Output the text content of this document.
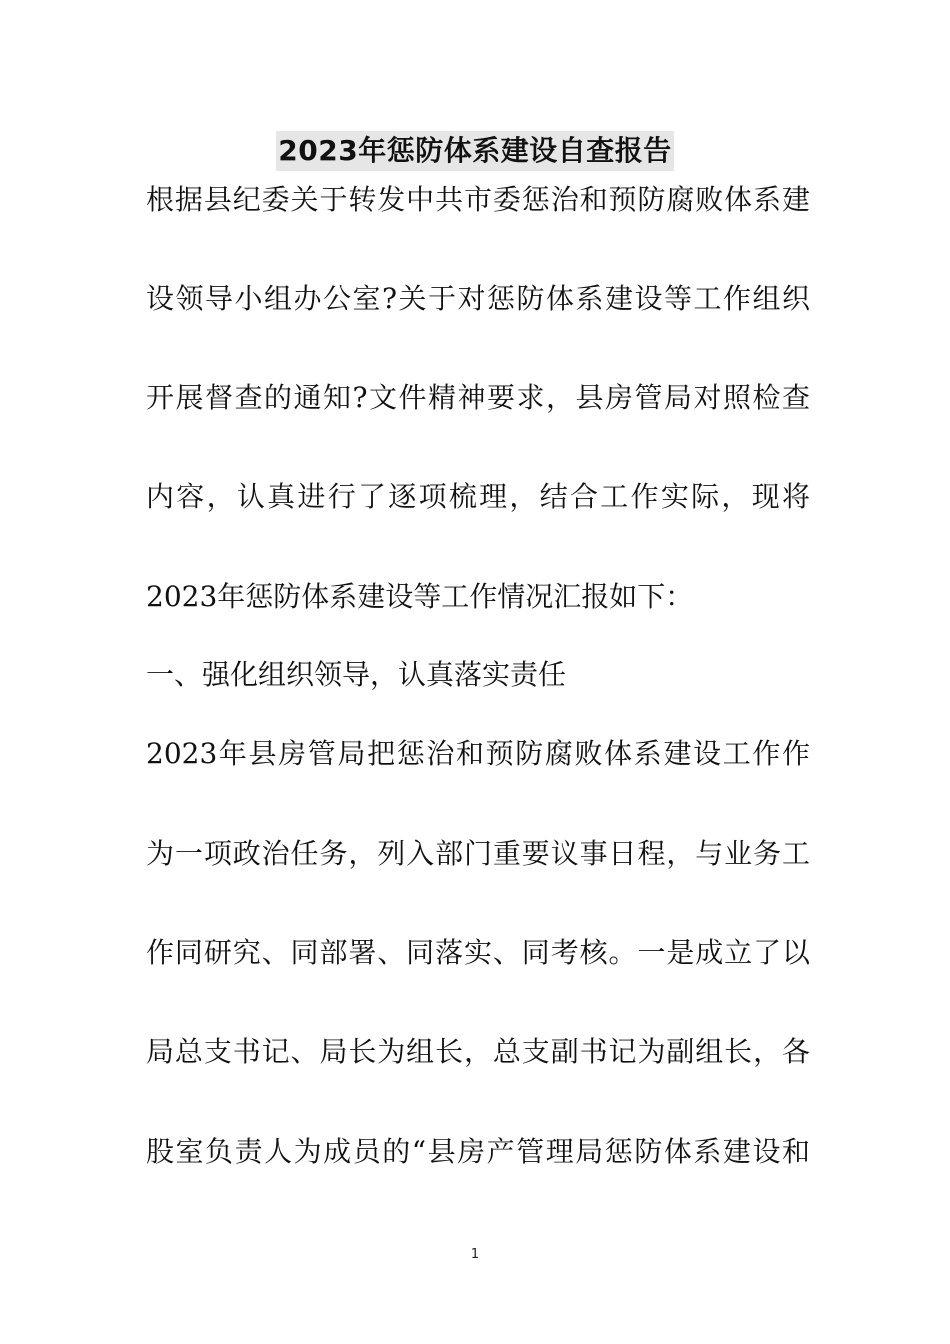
2023年惩防体系建设自查报告
根据县纪委关于转发中共市委惩治和预防腐败体系建
设领导小组办公室?关于对惩防体系建设等工作组织
开展督查的通知?文件精神要求，县房管局对照检查
内容，认真进行了逐项梳理，结合工作实际，现将
2023年惩防体系建设等工作情况汇报如下：
一、强化组织领导，认真落实责任
2023年县房管局把惩治和预防腐败体系建设工作作
为一项政治任务，列入部门重要议事日程，与业务工
作同研究、同部署、同落实、同考核。一是成立了以
局总支书记、局长为组长，总支副书记为副组长，各
股室负责人为成员的“县房产管理局惩防体系建设和
1
